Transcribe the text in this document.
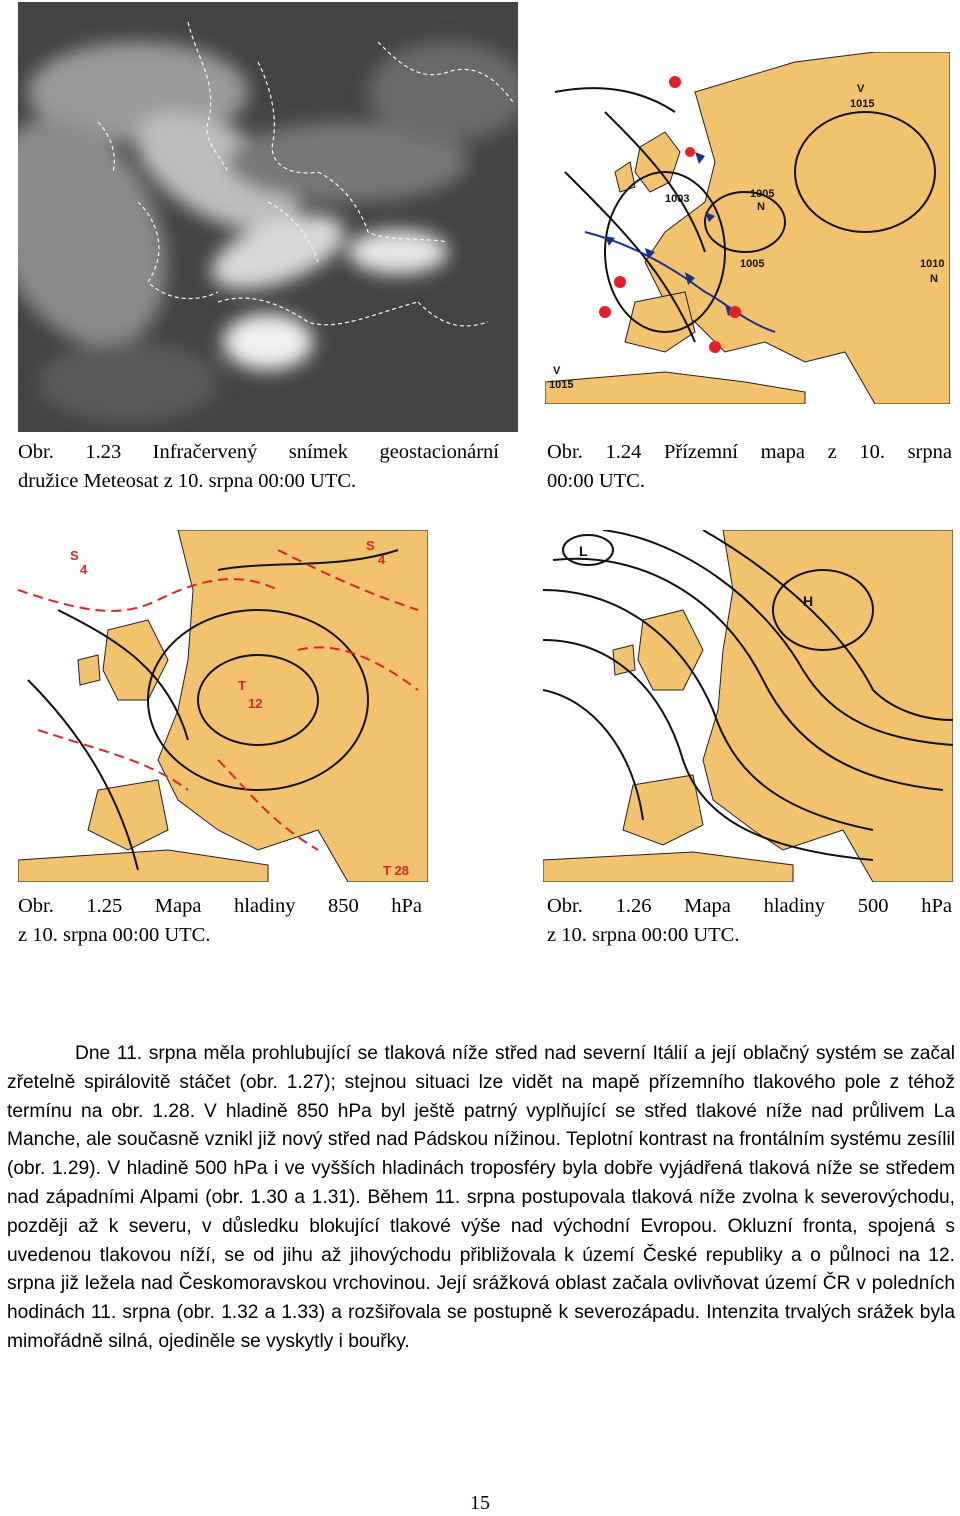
Obr. 1.23 Infračervený snímek geostacionární
družice Meteosat z 10. srpna 00:00 UTC.
V
1015
1005
N
1005
1003
1010
N
V
1015
Obr. 1.24 Přízemní mapa z 10. srpna
00:00 UTC.
S
4
S
4
T
12
T 28
Obr. 1.25 Mapa hladiny 850 hPa
z 10. srpna 00:00 UTC.
L
H
Obr. 1.26 Mapa hladiny 500 hPa
z 10. srpna 00:00 UTC.

Dne 11. srpna měla prohlubující se tlaková níže střed nad severní Itálií a její oblačný systém se začal zřetelně spirálovitě stáčet (obr. 1.27); stejnou situaci lze vidět na mapě přízemního tlakového pole z téhož termínu na obr. 1.28. V hladině 850 hPa byl ještě patrný vyplňující se střed tlakové níže nad průlivem La Manche, ale současně vznikl již nový střed nad Pádskou nížinou. Teplotní kontrast na frontálním systému zesílil (obr. 1.29). V hladině 500 hPa i ve vyšších hladinách troposféry byla dobře vyjádřená tlaková níže se středem nad západními Alpami (obr. 1.30 a 1.31). Během 11. srpna postupovala tlaková níže zvolna k severovýchodu, později až k severu, v důsledku blokující tlakové výše nad východní Evropou. Okluzní fronta, spojená s uvedenou tlakovou níží, se od jihu až jihovýchodu přibližovala k území České republiky a o půlnoci na 12. srpna již ležela nad Českomoravskou vrchovinou. Její srážková oblast začala ovlivňovat území ČR v poledních hodinách 11. srpna (obr. 1.32 a 1.33) a rozšiřovala se postupně k severozápadu. Intenzita trvalých srážek byla mimořádně silná, ojediněle se vyskytly i bouřky.

15
